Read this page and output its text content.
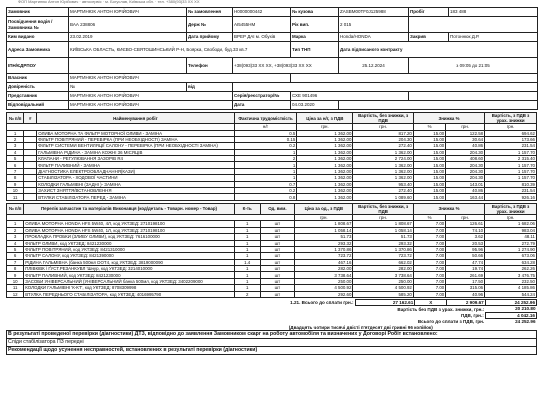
ФОП Мартинюк Антон Юрійович · автосервіс · м. Богуслав, Київська обл. · тел. +380(93)33 XX XX
Замовник	МАРТИНЮК АНТОН ЮРІЙОВИЧ	№ замовлення	Н0000000442	№ кузова	ZASBM00TF0J125988	Пробіг	183 488
Посвідчення водія / Замовника №	ВАА 238806	Держ №	АІ5455НМ	Рік вип.	2 015		
Ким видано	23.02.2019	Дата прийому	ВРЕР ДАІ м. Обухів	Марка	Honda/HONDA	Закрив	Потоннюк Д.Р.
Адреса Замовника	КИЇВСЬКА ОБЛАСТЬ, КИЄВО-СВЯТОШИНСЬКИЙ Р-Н, Боярка, Свободи, буд.33 кв.7			Тип ТНП	Дата підписаного контракту		
ІПН/ЄДРПОУ		Телефон	+38(093)33 XX XX, +38(093)33 XX XX		25.12.2024	з 09:05 до 21:05	
Власник	МАРТИНЮК АНТОН ЮРІЙОВИЧ						
Довіреність	№	від					
Представник	МАРТИНЮК АНТОН ЮРІЙОВИЧ		Серія/реєстратор/№	СХЕ 901496			
Відповідальний	МАРТИНЮК АНТОН ЮРІЙОВИЧ		Дата	04.03.2020			
№ п/п	#	Найменування робіт	Фактична трудомісткість	Ціна за н/г, з ПДВ	Вартість, без знижки, з ПДВ	Знижка %		Вартість, з ПДВ з урах. знижки
			н/г	грн.	грн.	%	грн.	грн.
1		ОЛИВА МОТОРНА ТА ФІЛЬТР МОТОРНОЇ ОЛИВИ - ЗАМІНА	0.5	1 362.00	817.20	15.00	122.58	694.62
2		ФІЛЬТР ПОВІТРЯНИЙ - ПЕРЕВІРКА (ПРИ НЕОБХІДНОСТІ) ЗАМІНА	0.15	1 362.00	204.30	15.00	30.64	173.66
3		ФІЛЬТР СИСТЕМИ ВЕНТИЛЯЦІЇ САЛОНУ - ПЕРЕВІРКА (ПРИ НЕОБХІДНОСТІ ЗАМІНА)	0.2	1 362.00	272.40	15.00	40.86	231.54
4		ГАЛЬМІВНА РІДИНА - ЗАМІНА КОЖНІ 36 МІСЯЦІВ	1	1 362.00	1 362.00	15.00	204.30	1 157.70
5		КЛАПАНИ - РЕГУЛЮВАННЯ ЗАЗОРІВ R4	2	1 362.00	2 724.00	15.00	408.60	2 315.40
6		ФІЛЬТР ПАЛИВНИЙ - ЗАМІНА	1	1 362.00	1 362.00	15.00	204.30	1 157.70
7		ДІАГНОСТИКА ЕЛЕКТРООБЛАДНАННЯ(КАЗИ)	1	1 362.00	1 362.00	15.00	204.30	1 157.70
8		СТАБІЛІЗАТОРА - ХОДОВОЇ ЧАСТИНИ	1	1 362.00	1 362.00	15.00	204.30	1 157.70
9		КОЛОДКИ ГАЛЬМІВНІ (ЗАДНІ )- ЗАМІНА	0.7	1 362.00	953.40	15.00	143.01	810.39
10		ЗАХИСТ ЗНЯТТЯ/ВСТАНОВЛЕННЯ	0.2	1 362.00	272.40	15.00	40.86	231.54
11		ВТУЛКИ СТАБІЛІЗАТОРА ПЕРЕД - ЗАМІНА	0.8	1 362.00	1 089.60	15.00	163.44	926.16
№ п/п	Перелік запчастин та матеріалів Виконавця (код/деталь - Товарн. номер - Товар)	К-ть	Од. вим.	Ціна за од., з ПДВ	Вартість, без знижки, з ПДВ	Знижка %		Вартість, з ПДВ з урах. знижки
				грн.	грн.	%	грн.	грн.
1	ОЛИВА МОТОРНА HONDA HFS 5W40, 4Л, код УКТЗЕД: 2710198100	1	шт	1 808.67	1 808.67	7.00	126.61	1 682.06
2	ОЛИВА МОТОРНА HONDA HFS 5W40, 1Л, код УКТЗЕД: 2710198100	1	шт	1 058.14	1 058.14	7.00	74.10	983.04
3	ПРОКЛАДКА ПРОБКИ (ЗЛИВУ ОЛИВИ), код УКТЗЕД: 7616100000	1	шт	51.73	51.73	7.00	3.62	48.11
4	ФІЛЬТР ОЛИВИ, код УКТЗЕД: 8421230000	1	шт	293.32	293.32	7.00	20.53	272.79
5	ФІЛЬТР ПОВІТРЯНИЙ, код УКТЗЕД: 8421310000	1	шт	1 370.86	1 370.86	7.00	95.96	1 274.90
6	ФІЛЬТР САЛОНУ, код УКТЗЕД: 8421390000	1	шт	723.72	723.72	7.00	50.66	673.06
7	РІДИНА ГАЛЬМІВНА (банка 500мл DOT4, код УКТЗЕД: 3819000090	1.4	шт	467.16	662.02	7.00	47.74	634.28
8	ПЛІВКІВК \ ҐУСТ.РЕЗАНКУВЛ 'Шнур, код УКТЗЕД: 3214010000	1	шт	282.00	282.00	7.00	19.74	262.26
9	ФІЛЬТР ПАЛИВНИЙ, код УКТЗЕД: 8421230000	1	шт	3 738.64	3 738.64	7.00	261.69	3 476.75
10	ЗАСОБИ УНІВЕРСАЛЬНИЙ (УНІВЕРСАЛЬНИЙ банка 500мл, код УКТЗЕД: 3402209000	1	шт	250.00	250.00	7.00	17.50	232.50
11	КОЛОДКИ ГАЛЬМІВНІ 'К-КТ', код УКТЗЕД: 8708309998	1	шт	4 500.92	4 500.92	7.00	315.06	4 185.86
12	ВТУЛКА ПЕРЕДНЬОГО СТАБІЛІЗАТОРА, код УКТЗЕД: 4016995790	2	шт	292.60	585.20	7.00	40.96	544.24
1.21. Всього до сплати грн.:	27 162.61	X	2 909.67	24 252.96
Вартість без ПДВ з урах. знижки, грн.:				20 210.80
ПДВ, грн.:				4 042.16
Всього до сплати з ПДВ, грн.				24 252.96
(Двадцять чотири тисячі двісті п'ятдесят дві гривні 96 копійок)				
В результаті проведеної перевірки (діагностики) ДТЗ, відповідно до заявлення Замовником скарг на роботу автомобіля та визначених у Договорі Робіт встановлено:
Сліди стабілізатора ПЗ передні
Рекомендації щодо усунення несправностей, встановлених в результаті перевірки (діагностики)
